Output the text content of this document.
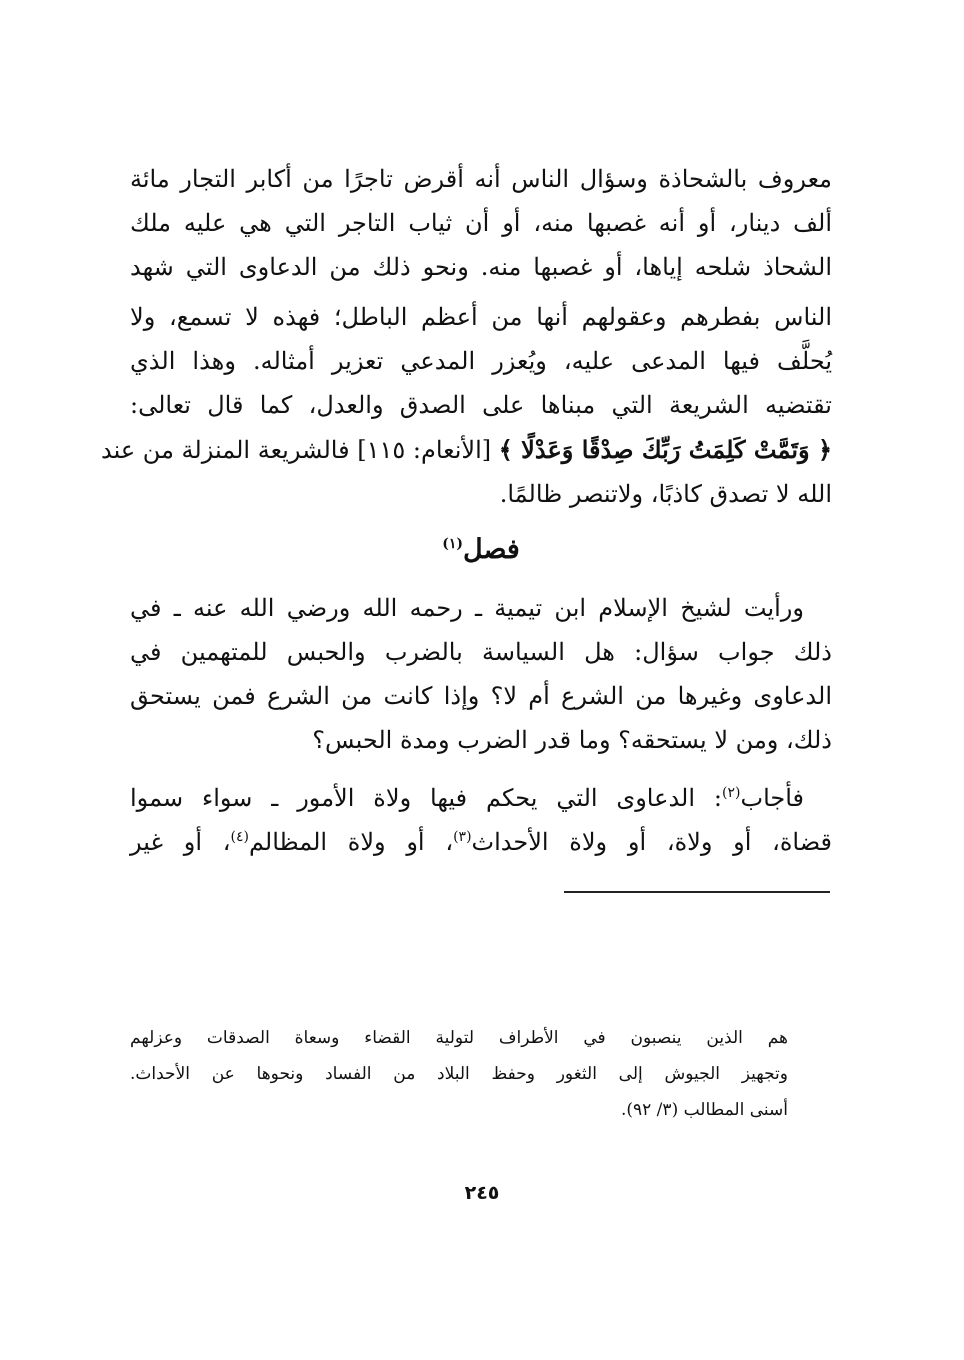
معروف بالشحاذة وسؤال الناس أنه أقرض تاجرًا من أكابر التجار مائة
ألف دينار، أو أنه غصبها منه، أو أن ثياب التاجر التي هي عليه ملك
الشحاذ شلحه إياها، أو غصبها منه. ونحو ذلك من الدعاوى التي شهد
الناس بفطرهم وعقولهم أنها من أعظم الباطل؛ فهذه لا تسمع، ولا
يُحلَّف فيها المدعى عليه، ويُعزر المدعي تعزير أمثاله. وهذا الذي
تقتضيه الشريعة التي مبناها على الصدق والعدل، كما قال تعالى:
﴿ وَتَمَّتْ كَلِمَتُ رَبِّكَ صِدْقًا وَعَدْلًا ﴾ [الأنعام: ١١٥] فالشريعة المنزلة من عند
الله لا تصدق كاذبًا، ولاتنصر ظالمًا.
فصل$^{(١)}$
ورأيت لشيخ الإسلام ابن تيمية ـ رحمه الله ورضي الله عنه ـ في
ذلك جواب سؤال: هل السياسة بالضرب والحبس للمتهمين في
الدعاوى وغيرها من الشرع أم لا؟ وإذا كانت من الشرع فمن يستحق
ذلك، ومن لا يستحقه؟ وما قدر الضرب ومدة الحبس؟
فأجاب$^{(٢)}$: الدعاوى التي يحكم فيها ولاة الأمور ـ سواء سموا
قضاة، أو ولاة، أو ولاة الأحداث$^{(٣)}$، أو ولاة المظالم$^{(٤)}$، أو غير
هم الذين ينصبون في الأطراف لتولية القضاء وسعاة الصدقات وعزلهم
وتجهيز الجيوش إلى الثغور وحفظ البلاد من الفساد ونحوها عن الأحداث.
أسنى المطالب (٣/ ٩٢).
٢٤٥
